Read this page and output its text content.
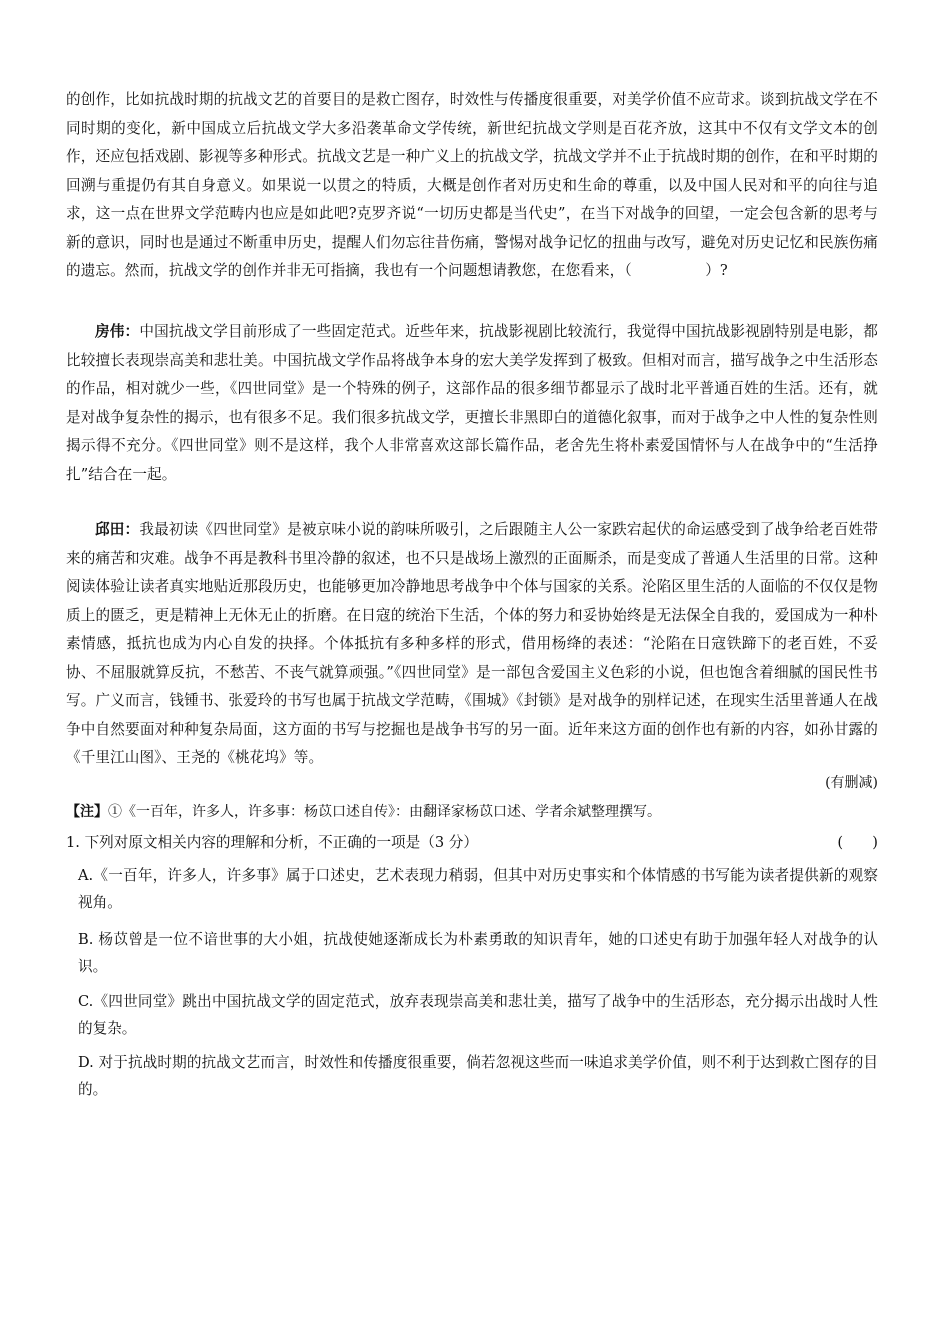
的创作，比如抗战时期的抗战文艺的首要目的是救亡图存，时效性与传播度很重要，对美学价值不应苛求。谈到抗战文学在不同时期的变化，新中国成立后抗战文学大多沿袭革命文学传统，新世纪抗战文学则是百花齐放，这其中不仅有文学文本的创作，还应包括戏剧、影视等多种形式。抗战文艺是一种广义上的抗战文学，抗战文学并不止于抗战时期的创作，在和平时期的回溯与重提仍有其自身意义。如果说一以贯之的特质，大概是创作者对历史和生命的尊重，以及中国人民对和平的向往与追求，这一点在世界文学范畴内也应是如此吧?克罗齐说“一切历史都是当代史”，在当下对战争的回望，一定会包含新的思考与新的意识，同时也是通过不断重申历史，提醒人们勿忘往昔伤痛，警惕对战争记忆的扭曲与改写，避免对历史记忆和民族伤痛的遗忘。然而，抗战文学的创作并非无可指摘，我也有一个问题想请教您，在您看来，（　　　　　）?

房伟：中国抗战文学目前形成了一些固定范式。近些年来，抗战影视剧比较流行，我觉得中国抗战影视剧特别是电影，都比较擅长表现崇高美和悲壮美。中国抗战文学作品将战争本身的宏大美学发挥到了极致。但相对而言，描写战争之中生活形态的作品，相对就少一些，《四世同堂》是一个特殊的例子，这部作品的很多细节都显示了战时北平普通百姓的生活。还有，就是对战争复杂性的揭示，也有很多不足。我们很多抗战文学，更擅长非黑即白的道德化叙事，而对于战争之中人性的复杂性则揭示得不充分。《四世同堂》则不是这样，我个人非常喜欢这部长篇作品，老舍先生将朴素爱国情怀与人在战争中的“生活挣扎”结合在一起。

邱田：我最初读《四世同堂》是被京味小说的韵味所吸引，之后跟随主人公一家跌宕起伏的命运感受到了战争给老百姓带来的痛苦和灾难。战争不再是教科书里冷静的叙述，也不只是战场上激烈的正面厮杀，而是变成了普通人生活里的日常。这种阅读体验让读者真实地贴近那段历史，也能够更加冷静地思考战争中个体与国家的关系。沦陷区里生活的人面临的不仅仅是物质上的匮乏，更是精神上无休无止的折磨。在日寇的统治下生活，个体的努力和妥协始终是无法保全自我的，爱国成为一种朴素情感，抵抗也成为内心自发的抉择。个体抵抗有多种多样的形式，借用杨绛的表述：“沦陷在日寇铁蹄下的老百姓，不妥协、不屈服就算反抗，不愁苦、不丧气就算顽强。”《四世同堂》是一部包含爱国主义色彩的小说，但也饱含着细腻的国民性书写。广义而言，钱锺书、张爱玲的书写也属于抗战文学范畴，《围城》《封锁》是对战争的别样记述，在现实生活里普通人在战争中自然要面对种种复杂局面，这方面的书写与挖掘也是战争书写的另一面。近年来这方面的创作也有新的内容，如孙甘露的《千里江山图》、王尧的《桃花坞》等。

(有删减)

【注】①《一百年，许多人，许多事：杨苡口述自传》：由翻译家杨苡口述、学者余斌整理撰写。

1. 下列对原文相关内容的理解和分析，不正确的一项是（3 分）	(　　)

A.《一百年，许多人，许多事》属于口述史，艺术表现力稍弱，但其中对历史事实和个体情感的书写能为读者提供新的观察视角。

B. 杨苡曾是一位不谙世事的大小姐，抗战使她逐渐成长为朴素勇敢的知识青年，她的口述史有助于加强年轻人对战争的认识。

C.《四世同堂》跳出中国抗战文学的固定范式，放弃表现崇高美和悲壮美，描写了战争中的生活形态，充分揭示出战时人性的复杂。

D. 对于抗战时期的抗战文艺而言，时效性和传播度很重要，倘若忽视这些而一味追求美学价值，则不利于达到救亡图存的目的。
